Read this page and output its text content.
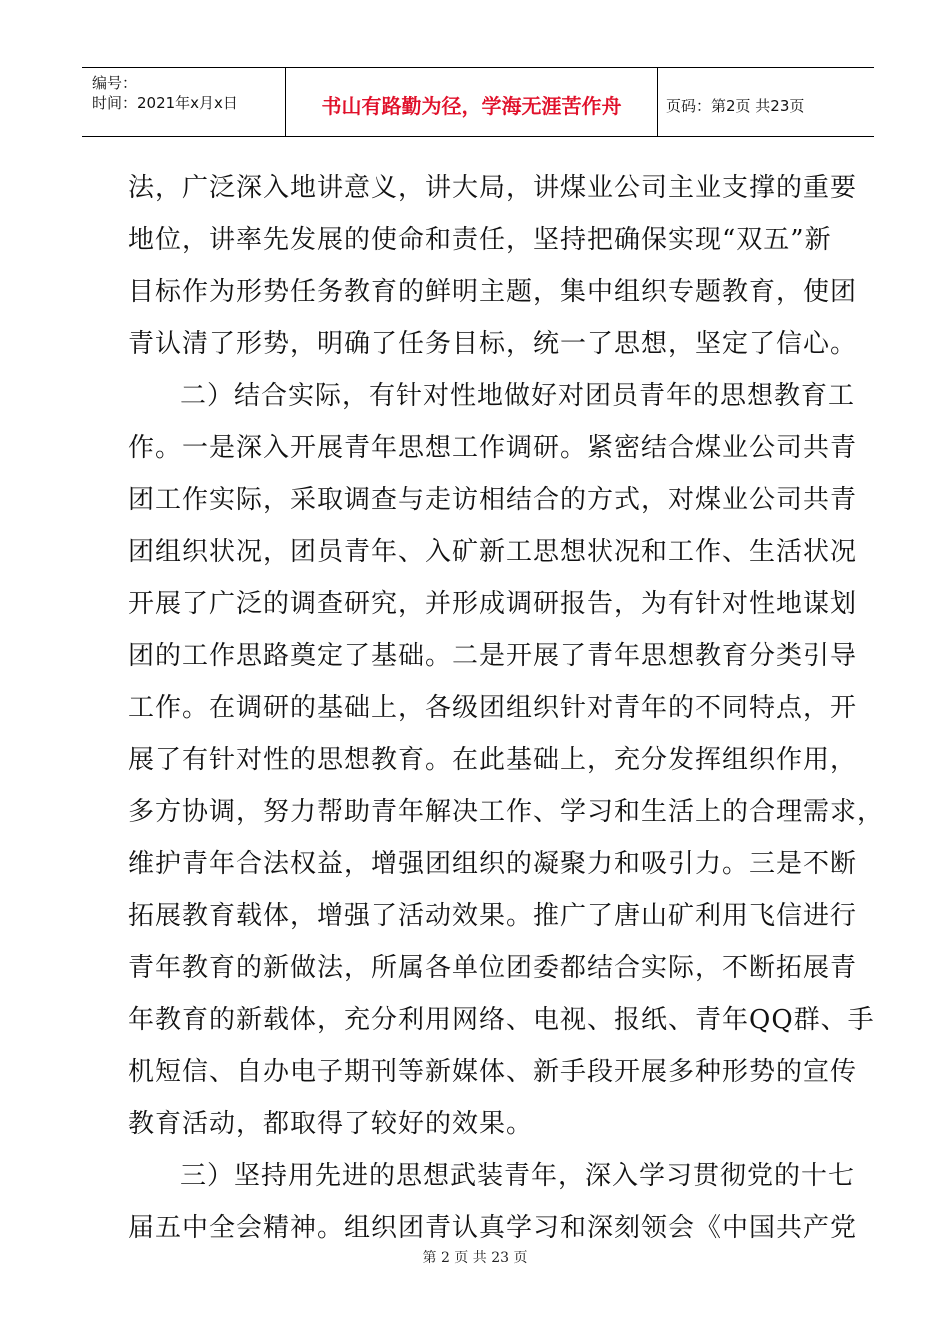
编号：
时间：2021年x月x日	书山有路勤为径，学海无涯苦作舟	页码：第2页 共23页
法，广泛深入地讲意义，讲大局，讲煤业公司主业支撑的重要
地位，讲率先发展的使命和责任，坚持把确保实现“双五”新
目标作为形势任务教育的鲜明主题，集中组织专题教育，使团
青认清了形势，明确了任务目标，统一了思想，坚定了信心。
二）结合实际，有针对性地做好对团员青年的思想教育工
作。一是深入开展青年思想工作调研。紧密结合煤业公司共青
团工作实际，采取调查与走访相结合的方式，对煤业公司共青
团组织状况，团员青年、入矿新工思想状况和工作、生活状况
开展了广泛的调查研究，并形成调研报告，为有针对性地谋划
团的工作思路奠定了基础。二是开展了青年思想教育分类引导
工作。在调研的基础上，各级团组织针对青年的不同特点，开
展了有针对性的思想教育。在此基础上，充分发挥组织作用，
多方协调，努力帮助青年解决工作、学习和生活上的合理需求，
维护青年合法权益，增强团组织的凝聚力和吸引力。三是不断
拓展教育载体，增强了活动效果。推广了唐山矿利用飞信进行
青年教育的新做法，所属各单位团委都结合实际，不断拓展青
年教育的新载体，充分利用网络、电视、报纸、青年QQ群、手
机短信、自办电子期刊等新媒体、新手段开展多种形势的宣传
教育活动，都取得了较好的效果。
三）坚持用先进的思想武装青年，深入学习贯彻党的十七
届五中全会精神。组织团青认真学习和深刻领会《中国共产党
第 2 页 共 23 页
